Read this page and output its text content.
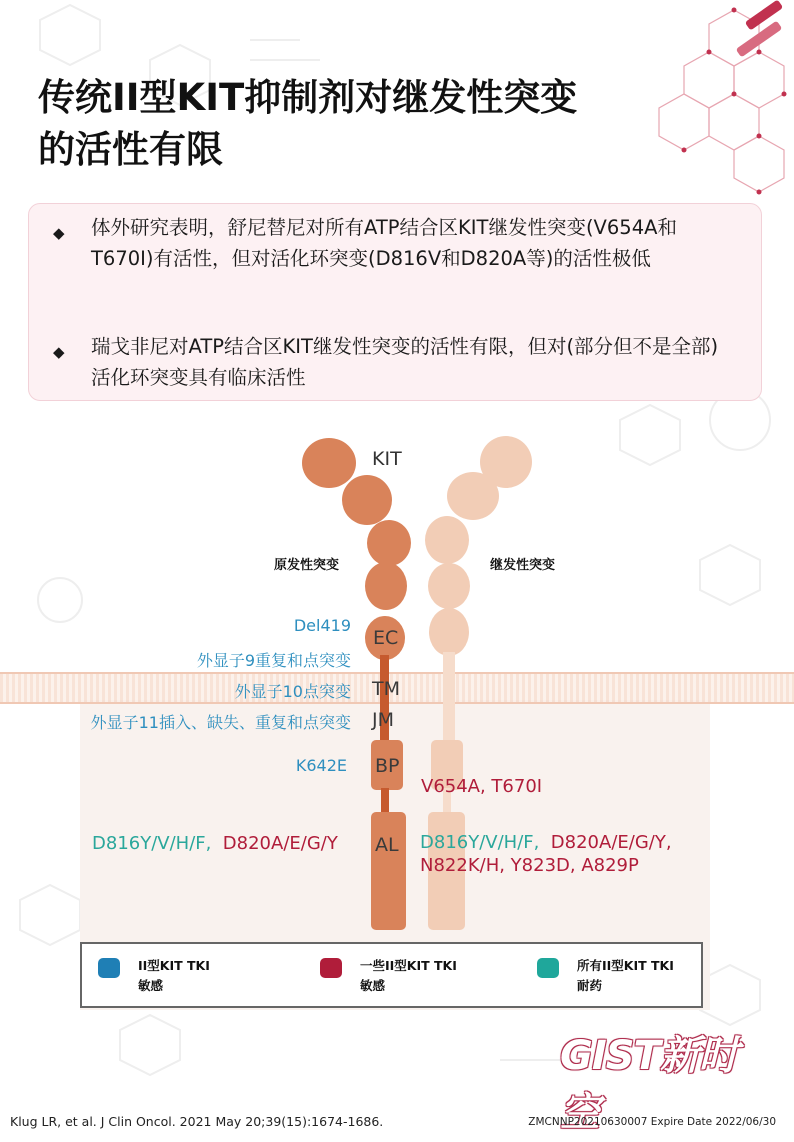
传统II型KIT抑制剂对继发性突变
的活性有限
◆ 体外研究表明，舒尼替尼对所有ATP结合区KIT继发性突变(V654A和T670I)有活性，但对活化环突变(D816V和D820A等)的活性极低
◆ 瑞戈非尼对ATP结合区KIT继发性突变的活性有限，但对(部分但不是全部)活化环突变具有临床活性
KIT
原发性突变	继发性突变
EC
TM
JM
BP
AL
Del419
外显子9重复和点突变
外显子10点突变
外显子11插入、缺失、重复和点突变
K642E
D816Y/V/H/F, D820A/E/G/Y
V654A, T670I
D816Y/V/H/F, D820A/E/G/Y,
N822K/H, Y823D, A829P
II型KIT TKI
敏感
一些II型KIT TKI
敏感
所有II型KIT TKI
耐药
GIST新时空
Klug LR, et al. J Clin Oncol. 2021 May 20;39(15):1674-1686.	ZMCNNP20210630007 Expire Date 2022/06/30
